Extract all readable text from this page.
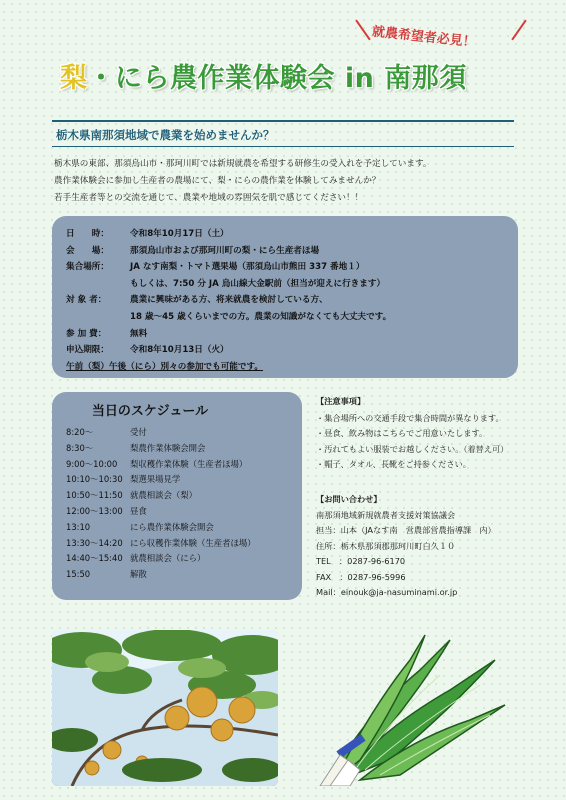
就農希望者必見！
梨・にら農作業体験会 in 南那須
栃木県南那須地域で農業を始めませんか？

栃木県の東部、那須烏山市・那珂川町では新規就農を希望する研修生の受入れを予定しています。

農作業体験会に参加し生産者の農場にて、梨・にらの農作業を体験してみませんか？

若手生産者等との交流を通じて、農業や地域の雰囲気を肌で感じてください！！

日　　時：	令和8年10月17日（土）
会　　場：	那須烏山市および那珂川町の梨・にら生産者ほ場
集合場所：	JA なす南梨・トマト選果場（那須烏山市熊田 337 番地１）
もしくは、7:50 分 JA 烏山線大金駅前（担当が迎えに行きます）
対 象 者：	農業に興味がある方、将来就農を検討している方、
18 歳～45 歳くらいまでの方。農業の知識がなくても大丈夫です。
参 加 費：	無料
申込期限：	令和8年10月13日（火）
午前（梨）午後（にら）別々の参加でも可能です。
当日のスケジュール
8:20～	受付
8:30～	梨農作業体験会開会
9:00～10:00	梨収穫作業体験（生産者ほ場）
10:10～10:30 梨選果場見学
10:50～11:50 就農相談会（梨）
12:00～13:00 昼食
13:10	にら農作業体験会開会
13:30～14:20 にら収穫作業体験（生産者ほ場）
14:40～15:40 就農相談会（にら）
15:50	解散

【注意事項】

・集合場所への交通手段で集合時間が異なります。

・昼食、飲み物はこちらでご用意いたします。

・汚れてもよい服装でお越しください。（着替え可）

・帽子、タオル、長靴をご持参ください。

【お問い合わせ】

南那須地域新規就農者支援対策協議会

担当：山本（JAなす南　営農部営農指導課　内）

住所：栃木県那須郡那珂川町白久１０

TEL　：0287-96-6170

FAX　：0287-96-5996

Mail：einouk@ja-nasuminami.or.jp
